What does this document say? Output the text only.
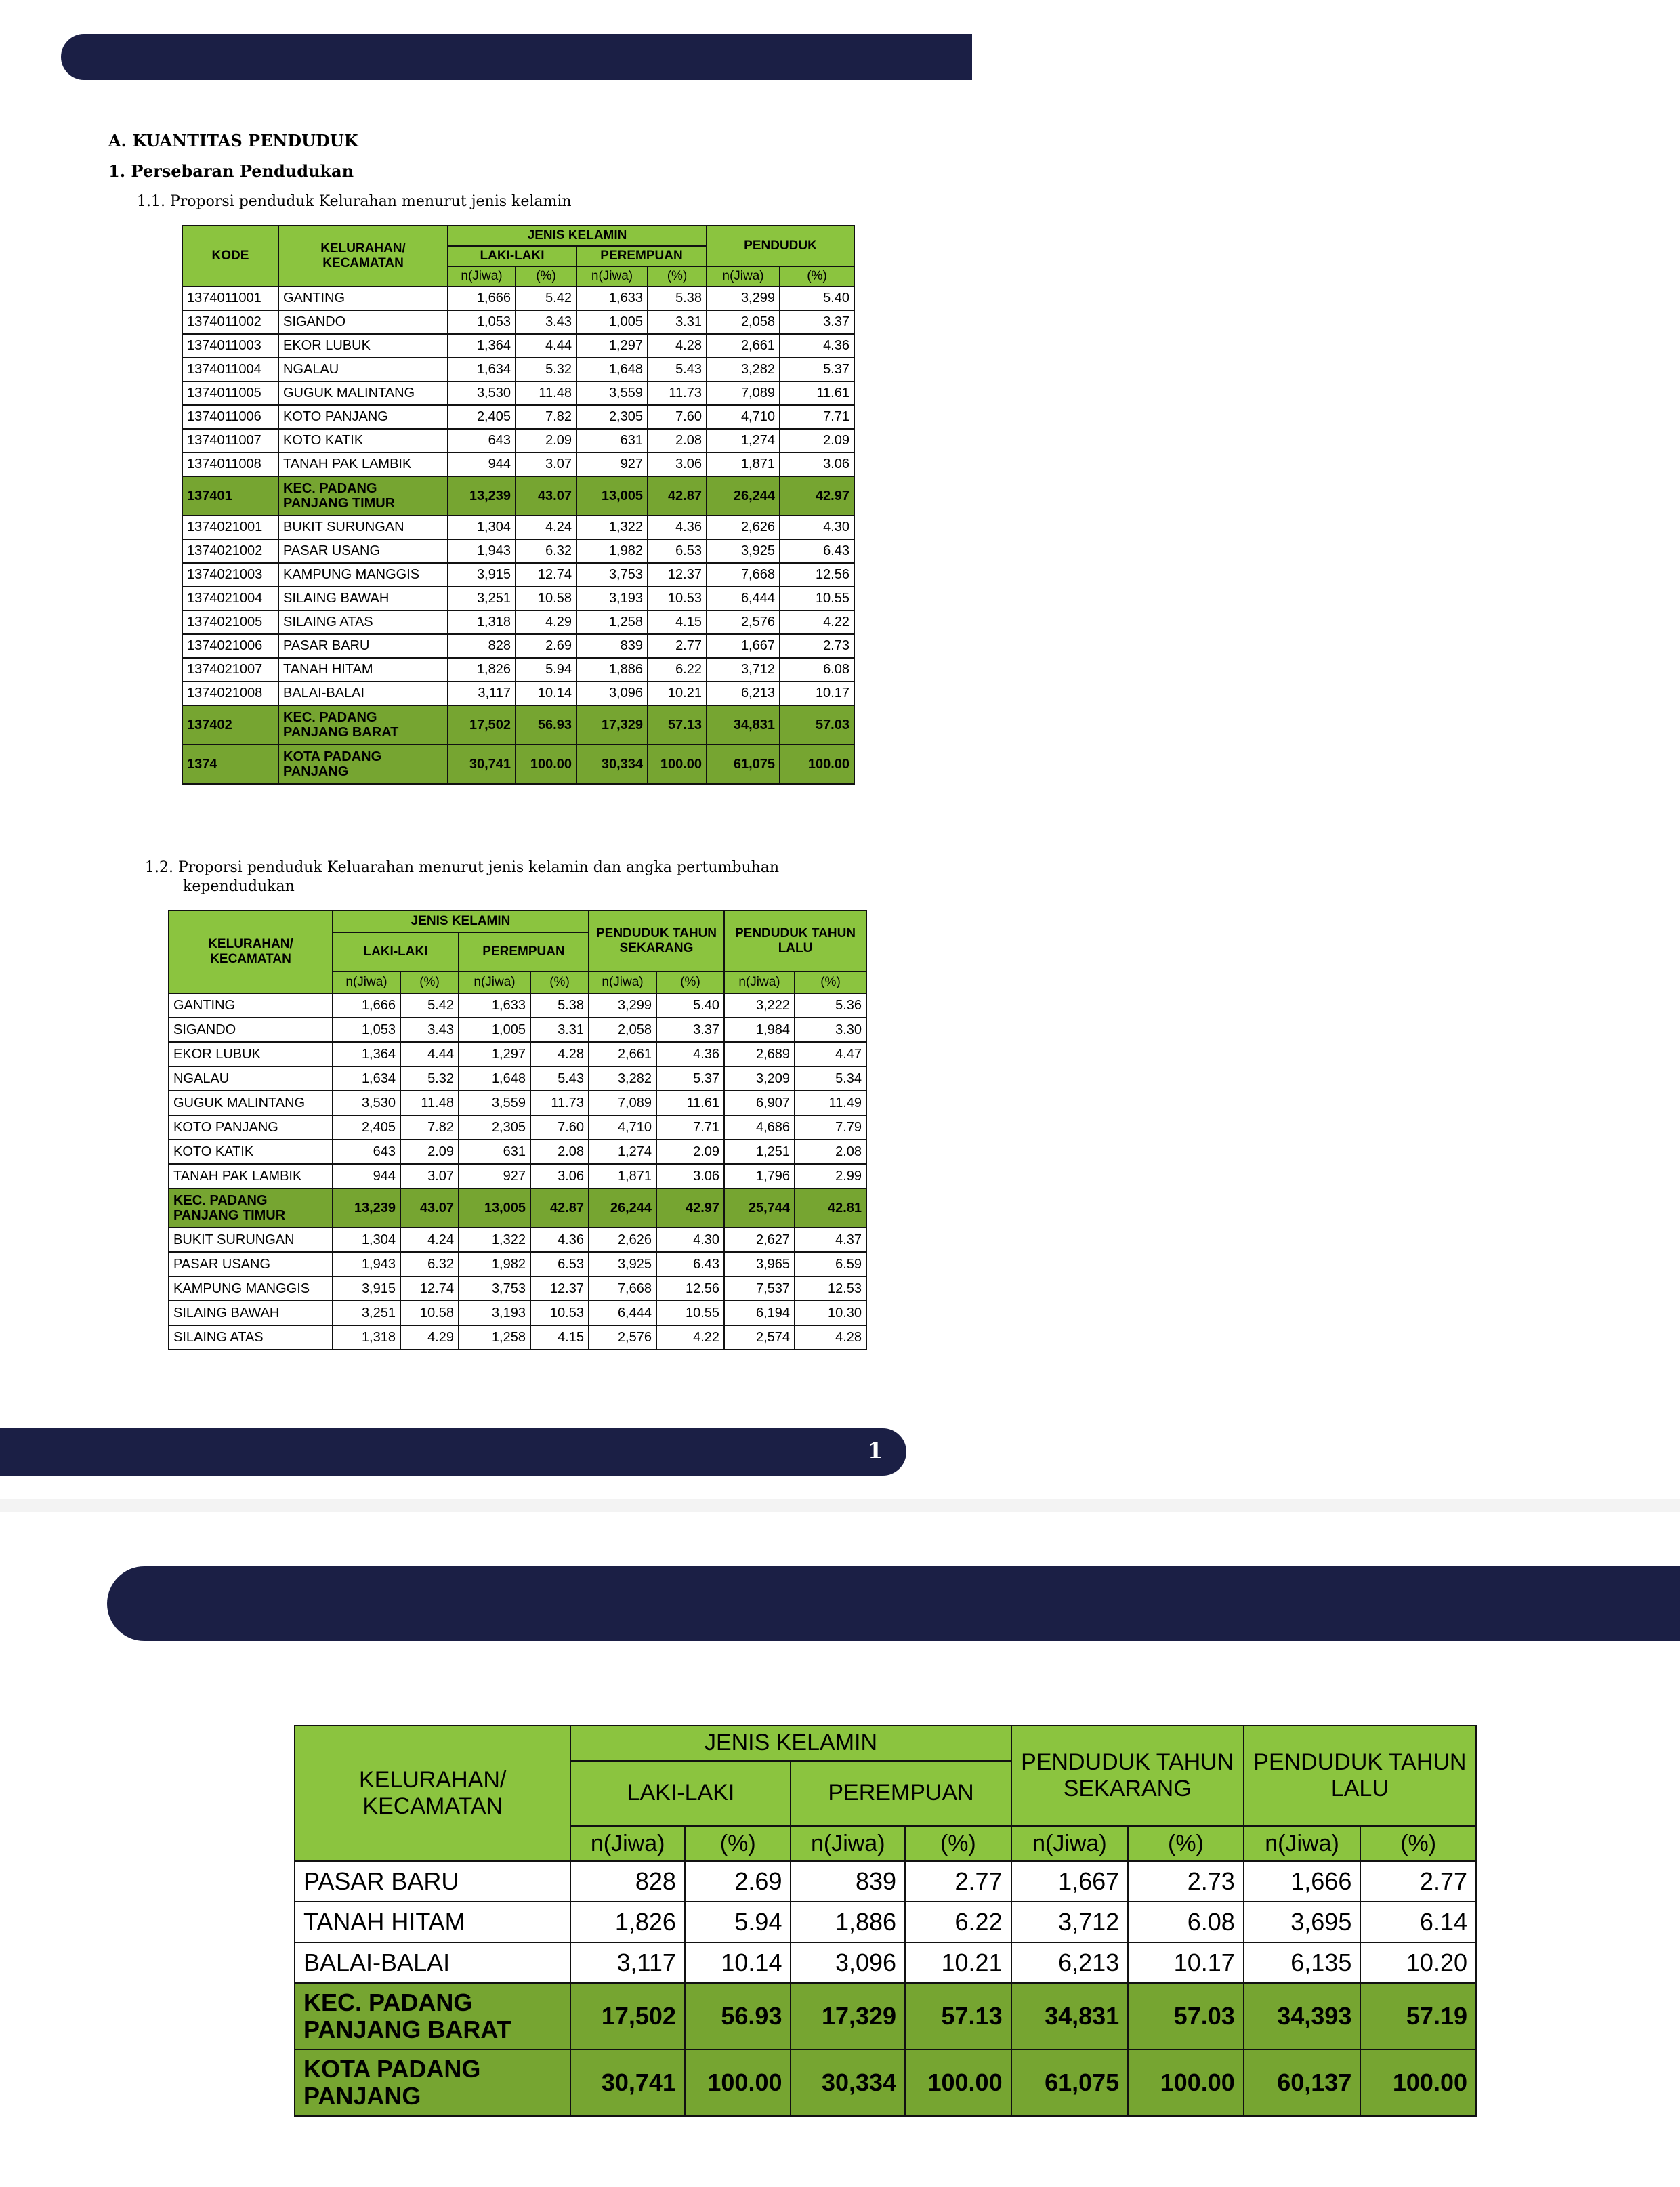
A. KUANTITAS PENDUDUK
1. Persebaran Pendudukan
1.1. Proporsi penduduk Kelurahan menurut jenis kelamin
KODE	KELURAHAN/ KECAMATAN	JENIS KELAMIN				PENDUDUK	
		LAKI-LAKI		PEREMPUAN			
		n(Jiwa)	(%)	n(Jiwa)	(%)	n(Jiwa)	(%)
1374011001	GANTING	1,666	5.42	1,633	5.38	3,299	5.40
1374011002	SIGANDO	1,053	3.43	1,005	3.31	2,058	3.37
1374011003	EKOR LUBUK	1,364	4.44	1,297	4.28	2,661	4.36
1374011004	NGALAU	1,634	5.32	1,648	5.43	3,282	5.37
1374011005	GUGUK MALINTANG	3,530	11.48	3,559	11.73	7,089	11.61
1374011006	KOTO PANJANG	2,405	7.82	2,305	7.60	4,710	7.71
1374011007	KOTO KATIK	643	2.09	631	2.08	1,274	2.09
1374011008	TANAH PAK LAMBIK	944	3.07	927	3.06	1,871	3.06
137401	KEC. PADANG PANJANG TIMUR	13,239	43.07	13,005	42.87	26,244	42.97
1374021001	BUKIT SURUNGAN	1,304	4.24	1,322	4.36	2,626	4.30
1374021002	PASAR USANG	1,943	6.32	1,982	6.53	3,925	6.43
1374021003	KAMPUNG MANGGIS	3,915	12.74	3,753	12.37	7,668	12.56
1374021004	SILAING BAWAH	3,251	10.58	3,193	10.53	6,444	10.55
1374021005	SILAING ATAS	1,318	4.29	1,258	4.15	2,576	4.22
1374021006	PASAR BARU	828	2.69	839	2.77	1,667	2.73
1374021007	TANAH HITAM	1,826	5.94	1,886	6.22	3,712	6.08
1374021008	BALAI-BALAI	3,117	10.14	3,096	10.21	6,213	10.17
137402	KEC. PADANG PANJANG BARAT	17,502	56.93	17,329	57.13	34,831	57.03
1374	KOTA PADANG PANJANG	30,741	100.00	30,334	100.00	61,075	100.00
1.2. Proporsi penduduk Keluarahan menurut jenis kelamin dan angka pertumbuhan
kependudukan
KELURAHAN/ KECAMATAN	JENIS KELAMIN				PENDUDUK TAHUN SEKARANG		PENDUDUK TAHUN LALU	
	LAKI-LAKI		PEREMPUAN					
	n(Jiwa)	(%)	n(Jiwa)	(%)	n(Jiwa)	(%)	n(Jiwa)	(%)
GANTING	1,666	5.42	1,633	5.38	3,299	5.40	3,222	5.36
SIGANDO	1,053	3.43	1,005	3.31	2,058	3.37	1,984	3.30
EKOR LUBUK	1,364	4.44	1,297	4.28	2,661	4.36	2,689	4.47
NGALAU	1,634	5.32	1,648	5.43	3,282	5.37	3,209	5.34
GUGUK MALINTANG	3,530	11.48	3,559	11.73	7,089	11.61	6,907	11.49
KOTO PANJANG	2,405	7.82	2,305	7.60	4,710	7.71	4,686	7.79
KOTO KATIK	643	2.09	631	2.08	1,274	2.09	1,251	2.08
TANAH PAK LAMBIK	944	3.07	927	3.06	1,871	3.06	1,796	2.99
KEC. PADANG PANJANG TIMUR	13,239	43.07	13,005	42.87	26,244	42.97	25,744	42.81
BUKIT SURUNGAN	1,304	4.24	1,322	4.36	2,626	4.30	2,627	4.37
PASAR USANG	1,943	6.32	1,982	6.53	3,925	6.43	3,965	6.59
KAMPUNG MANGGIS	3,915	12.74	3,753	12.37	7,668	12.56	7,537	12.53
SILAING BAWAH	3,251	10.58	3,193	10.53	6,444	10.55	6,194	10.30
SILAING ATAS	1,318	4.29	1,258	4.15	2,576	4.22	2,574	4.28
1
KELURAHAN/ KECAMATAN	JENIS KELAMIN				PENDUDUK TAHUN SEKARANG		PENDUDUK TAHUN LALU	
	LAKI-LAKI		PEREMPUAN					
	n(Jiwa)	(%)	n(Jiwa)	(%)	n(Jiwa)	(%)	n(Jiwa)	(%)
PASAR BARU	828	2.69	839	2.77	1,667	2.73	1,666	2.77
TANAH HITAM	1,826	5.94	1,886	6.22	3,712	6.08	3,695	6.14
BALAI-BALAI	3,117	10.14	3,096	10.21	6,213	10.17	6,135	10.20
KEC. PADANG PANJANG BARAT	17,502	56.93	17,329	57.13	34,831	57.03	34,393	57.19
KOTA PADANG PANJANG	30,741	100.00	30,334	100.00	61,075	100.00	60,137	100.00
